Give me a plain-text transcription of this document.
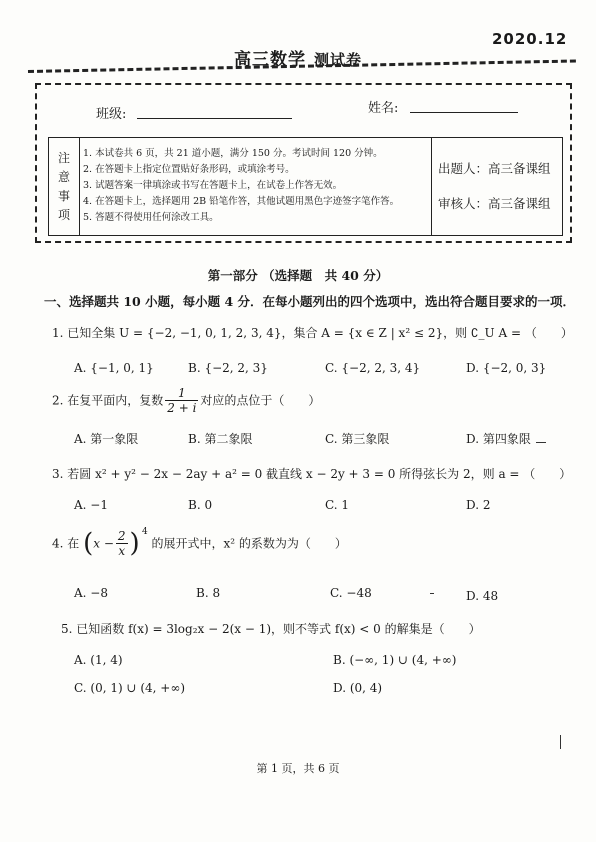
2020.12
高三数学 测试卷
班级:	姓名:
注
意
事
项
1. 本试卷共 6 页，共 21 道小题，满分 150 分。考试时间 120 分钟。
2. 在答题卡上指定位置贴好条形码，或填涂考号。
3. 试题答案一律填涂或书写在答题卡上，在试卷上作答无效。
4. 在答题卡上，选择题用 2B 铅笔作答，其他试题用黑色字迹签字笔作答。
5. 答题不得使用任何涂改工具。
出题人：高三备课组
审核人：高三备课组
第一部分 （选择题　共 40 分）
一、选择题共 10 小题，每小题 4 分．在每小题列出的四个选项中，选出符合题目要求的一项．
1. 已知全集 U = {−2, −1, 0, 1, 2, 3, 4}，集合 A = {x ∈ Z | x² ≤ 2}，则 ∁_U A = （　　）
A. {−1, 0, 1}	B. {−2, 2, 3}	C. {−2, 2, 3, 4}	D. {−2, 0, 3}
2. 在复平面内，复数 $\frac{1}{2 + i}$ 对应的点位于（　　）
A. 第一象限	B. 第二象限	C. 第三象限	D. 第四象限
3. 若圆 x² + y² − 2x − 2ay + a² = 0 截直线 x − 2y + 3 = 0 所得弦长为 2，则 a = （　　）
A. −1	B. 0	C. 1	D. 2
4. 在 ($x - \frac{2}{x}$ ) 4
的展开式中，x² 的系数为为（　　）
A. −8	B. 8	C. −48	D. 48
5. 已知函数 f(x) = 3log₂x − 2(x − 1)，则不等式 f(x) < 0 的解集是（　　）
A. (1, 4)	B. (−∞, 1) ∪ (4, +∞)
C. (0, 1) ∪ (4, +∞)	D. (0, 4)
第 1 页，共 6 页
